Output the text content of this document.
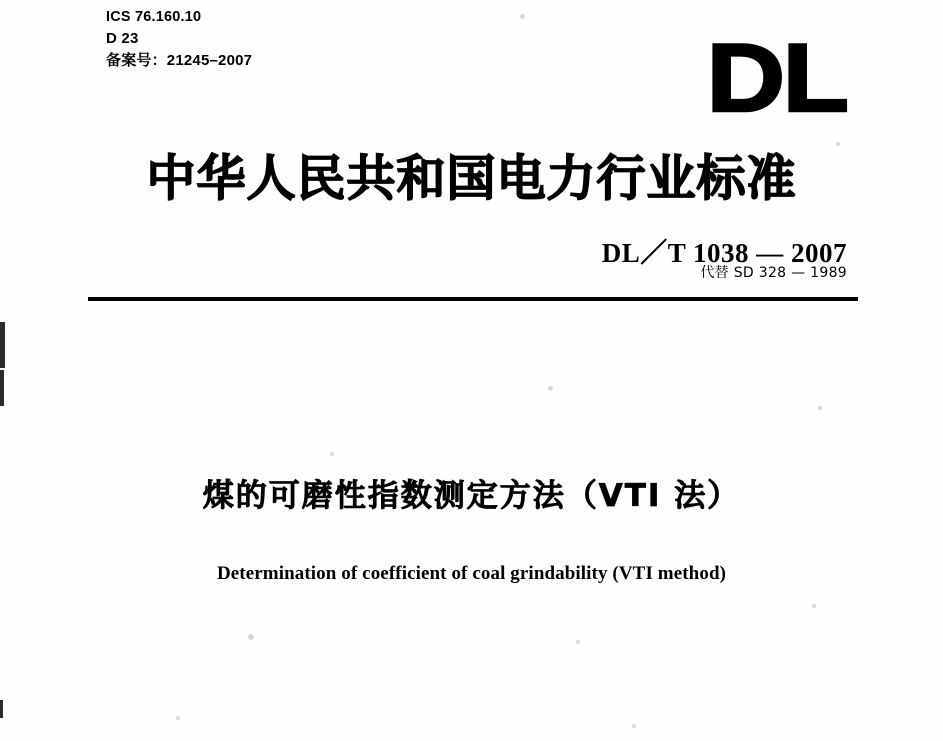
ICS 76.160.10
D 23
备案号：21245–2007	DL
中华人民共和国电力行业标准
DL／T 1038 — 2007
代替 SD 328 — 1989
煤的可磨性指数测定方法（VTI 法）
Determination of coefficient of coal grindability (VTI method)
